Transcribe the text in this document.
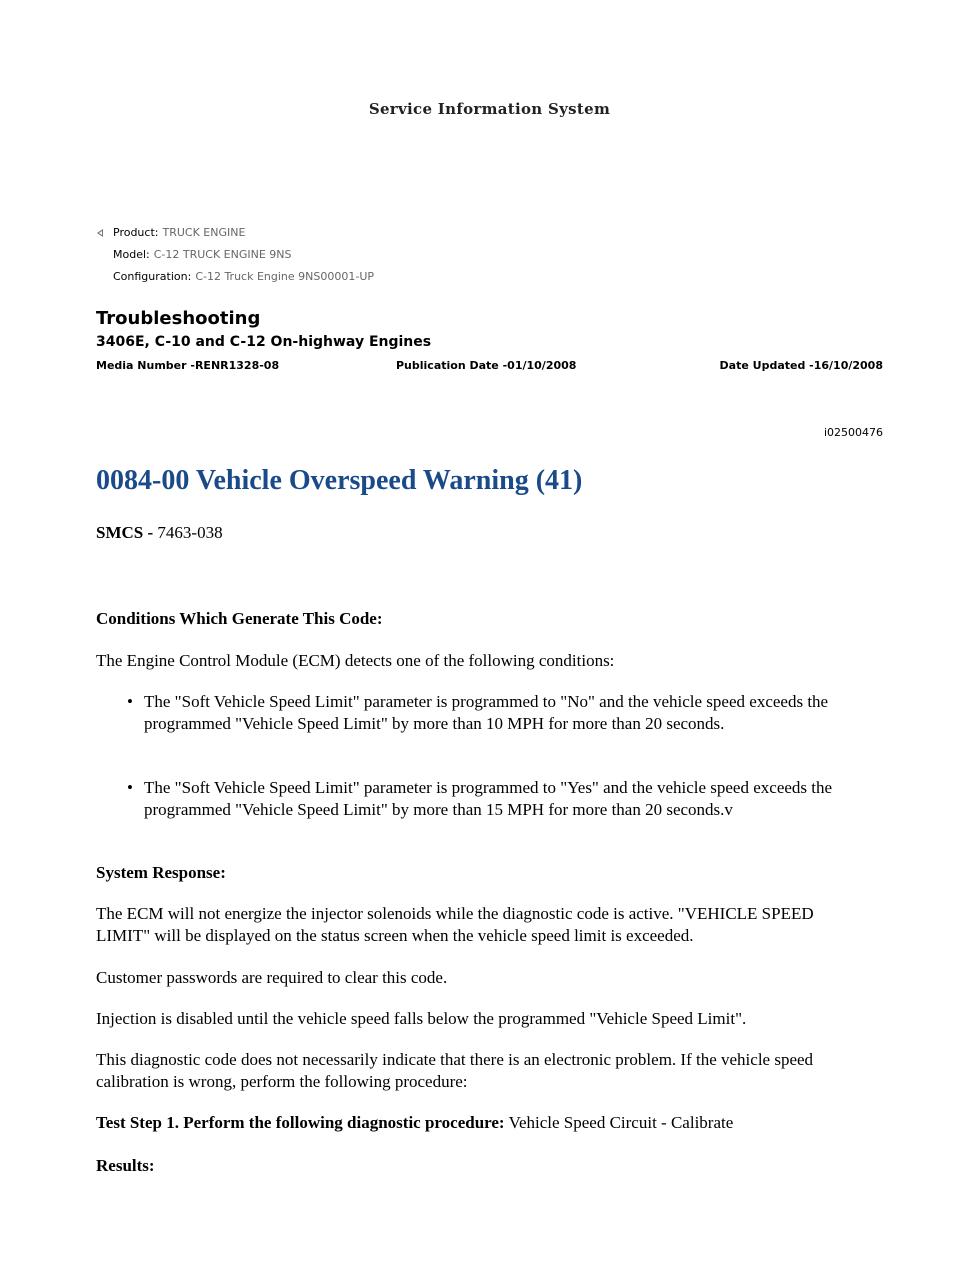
Service Information System
Product: TRUCK ENGINE
Model: C-12 TRUCK ENGINE 9NS
Configuration: C-12 Truck Engine 9NS00001-UP
Troubleshooting
3406E, C-10 and C-12 On-highway Engines
Media Number -RENR1328-08	Publication Date -01/10/2008	Date Updated -16/10/2008
i02500476
0084-00 Vehicle Overspeed Warning (41)
SMCS - 7463-038
Conditions Which Generate This Code:
The Engine Control Module (ECM) detects one of the following conditions:
• The "Soft Vehicle Speed Limit" parameter is programmed to "No" and the vehicle speed exceeds the programmed "Vehicle Speed Limit" by more than 10 MPH for more than 20 seconds.
• The "Soft Vehicle Speed Limit" parameter is programmed to "Yes" and the vehicle speed exceeds the programmed "Vehicle Speed Limit" by more than 15 MPH for more than 20 seconds.v
System Response:
The ECM will not energize the injector solenoids while the diagnostic code is active. "VEHICLE SPEED LIMIT" will be displayed on the status screen when the vehicle speed limit is exceeded.
Customer passwords are required to clear this code.
Injection is disabled until the vehicle speed falls below the programmed "Vehicle Speed Limit".
This diagnostic code does not necessarily indicate that there is an electronic problem. If the vehicle speed calibration is wrong, perform the following procedure:
Test Step 1. Perform the following diagnostic procedure: Vehicle Speed Circuit - Calibrate
Results:
